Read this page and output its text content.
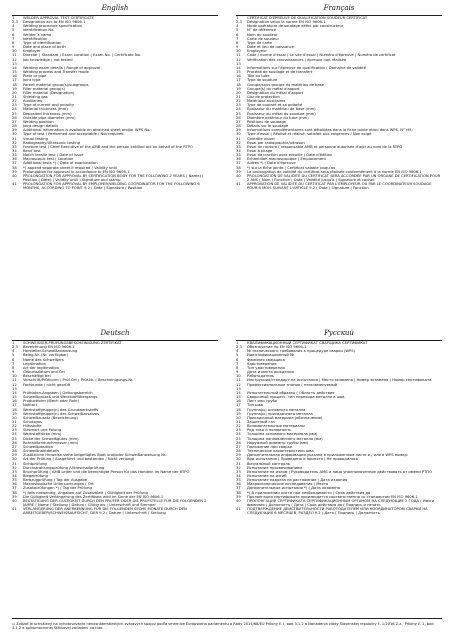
English
1	WELDER APPROVAL TEST CERTIFICATE
2,3	Designation acc.to EN ISO 9606-1
4	Welding procedure specification
5	Identification No.
6	Welder´s name
7	Identification
8	Type of identification
9	Date and place of birth
10	Employer
11	Director ( Standard ) Exam Location ( Exam No. ) Certificate No.
12	Job knowledge ( not tested
13
14	Welding exam details ( Range of approval
15	Welding process and Transfer mode
16	Plate or pipe
17	Joint type
18	Parent material group(s)/subgroups
19	Filler material group(s)
20	Filler material (Designation)
21	Shielding gas
22	Auxiliaries
23	Type of current and polarity
24	Material thickness (mm)
25	Deposited thickness (mm)
26	Outside pipe diameter (mm)
27	Welding position
28	Joint design details
29	Additional information is available on attached sheet and/or WPS No.:
30	Type of test ( Performed and acceptable / Not required
31	Visual testing
32	Radiography/Ultrasonic testing
33	Fracture test ( Chief Executive of the AMB and the person entitled act on behalf of the RTPO
34	Bend test
35	Notch tensile test ( Date of issue
36	Macroscopic test ( Location
37	Additional tests *) ( Date of examination
38	*) append separate sheet if required ( Validity until
39	Prolongation for approval in accordance to EN ISO 9606-1
40	PROLONGATION FOR APPROVAL BY CERTIFICATION BODY FOR THE FOLLOWING 2 YEARS ( Name) ( Position ( Date) ( Validity until ) Signature and stamp
41	PROLONGATION FOR APPROVAL BY EMPLOYER/WELDING COORDINATOR FOR THE FOLLOWING 6 MONTHS, ACCORDING TO POINT 9.2 ( Date ( Signature ( Position
Français
1	CERTIFICAT D'ÉPREUVE DE QUALIFICATION SOUDEUR CERTIFICAT
2,3	Désignation selon la norme EN ISO 9606-1
4	Mode opératoire de soudage défini par constructeur
5	N° de référence
6	Nom du soudeur
7	Carte de soudeur
8	Type de carte
9	Date et lieu de naissance
10	Employeur
11	Code / norme d'essai ( Le site d'essai ( Numéro d'épreuve ( Numéro de certificat
12	Vérification des connaissances ( épreuve non réalisée
13
14	Informations sur l'épreuve de qualification ( Domaine de validité
15	Procédé de soudage et de transfert
16	Tôle ou tube
17	Type de soudure
18	Groupe/sous-groupe du matériau de base
19	Groupe(s) du métal d'apport
20	Désignation du métal d'apport
21	Gaz de protection
22	Matériaux auxiliaires
23	Type de courant et sa polarité
24	Épaisseur du matériau de base (mm)
25	Épaisseur du métal du soudure (mm)
26	Diamètre extérieur du tube (mm)
27	Positions de soudage
28	Détails sur le soudage
29	Informations complémentaires sont détaillées dans la fiche jointe et/ou dans WPS, N° réf.:
30	Type d'essai ( Réalisé et réalisé, satisfait aux exigences / Non exigé
31	Contrôle visuel
32	Essai par radiographie/ultrason
33	Essai de rupture ( responsable AMB et personne autorisée d'agir au nom de la RTPO
34	Essai à pliage
35	Essai de traction avec entaille ( Date d'édition
36	Échantillon macroscopique ( Emplacement
37	Autres *) ( Date d'épreuve
38	*) sur la fiche jointe ( Certificat valable jusqu'au
39	La prolongation de validité du certificat sera réalisée conformément à la norme EN ISO 9606-1
40	PROLONGATION DE VALIDITÉ DU CERTIFICAT SERA ACCORDÉE PAR UN ORGANE DE CERTIFICATION POUR 2 ANS ( Nom ( Fonction ( Date ( Validité jusqu'à ( Signature et cachet
41	APPROBATION DE VALIDITÉ DU CERTIFICAT PAR L'EMPLOYEUR OU PAR LE COORDINATEUR SOUDAGE POUR 6 MOIS SUIVANT L'ARTICLE 9.2 ( Date ( Signature ( Fonction
Deutsch
1	SCHWEISSER-PRÜFUNGSBESCHEINIGUNG ZERTIFIKAT
2,3	Bezeichnung EN ISO 9606-1
4	Hersteller-Schweißanweisung
5	Beleg-Nr. (Nr. verfügbar)
6	Name des Schweißers
7	Legitimation
8	Art der legitimation
9	Geburtsdatum und Ort
10	Beschäftigt bei
11	Vorschrift/Prüfnorm ( Prüf-Ort ( Prüf-Nr. ( Bescheinigungs-Nr.
12	Fachkunde ( nicht geprüft
13
14	Prüfdaten-Angaben ( Geltungsbereich
15	Schweißprozeß und Werkstoffübergangs
16	Produktform (Blech oder Rohr)
17	Nahtart
18	Werkstoffgruppe(n) des Grundwerkstoffs
19	Werkstoffgruppe(n) des Schweißzusatzes
20	Schweißzusatz (Bezeichnung)
21	Schutzgas
22	Hilfsstoffe
23	Stromart und Polung
24	Werkstoffdicke (mm)
25	Dicke der Schweißgutes (mm)
26	Rohraußendurchmesser (mm)
27	Schweißposition
28	Schweißnahtdetails
29	Zusätzliche Hinweise siehe beigefügtes Blatt und/oder Schweißanweisung Nr.:
30	Art der Prüfung ( Ausgeführt und bestanden / Nicht verlangt
31	Sichtprüfung
32	Durchstrahlungsprüfung /Ultraschallprüfung
33	Bruchprüfung ( AMB Leiter und die berechtigte Person für das Handeln im Name der RTPO
34	Biegeprüfung
35	Kerbzugprüfung ( Tag der Ausgabe
36	Makroskopische Untersuchungen ( Ort
37	Zusatzprüfungen *) ( Tag der Prüfung
38	*) falls notwendig, Angaben auf Zusatzblatt ( Gültigkeit der Prüfung
39	Die Gültigkeit Verlängerung des Zertifikats wird im Sinne der EN ISO 9606-1
40	BESTÄTIGUNG DER GÜLTIGKEIT DURCH DEN PRÜFER ODER DIE PRÜFSTELLE FÜR DIE FOLGENDEN 2 JAHRE ( Name ( Stellung ( Datum ( Gültig bis ( Unterschrift und Stempel
41	VERLÄNGERUNG DER ANERKENNUNG FÜR DIE FOLGENDEN SECHS MONATE DURCH DEN ARBEITGEBER/SCHWEISSAUFSICHT, DER 9.2 ( Datum ( Unterschrift ( Stellung
Русский
1	КВАЛИФИКАЦИОННЫЙ СЕРТИФИКАТ СВАРЩИКА СЕРТИФИКАТ
2,3	Обозначение по EN ISO 9606-1
4	№ технического требования к процедуре сварки (WPS)
5	Идентификационный №
6	Фамилия сварщика
7	Удостоверение
8	Тип удостоверения
9	Дата и место рождения
10	Работодатель
11	Инструкция/стандарт на испытания ( Место экзамена ( Номер экзамена ( Номер сертификата
12	Профессиональные знания ( неэкзаменуемый
13
14	Испытательный образец ( Область действия
15	Сварочный процесс, тип перехода металла в шов
16	Лист или труба
17	Тип шва
18	Группа(ы) основного металла
19	Группа(ы) присадочного металла
20	Присадочный материал (обозначение)
21	Защитный газ
22	Вспомогательные материалы
23	Род тока и полярность
24	Толщина основного материала (мм)
25	Толщина наплавленного металла (мм)
26	Наружный диаметр трубы (мм)
27	Положение при сварке
28	Технические характеристики шва
29	Дополнительная информация указана в приложенном листе и / или в WPS номер:
30	Вид испытания ( Проведено и принято ( Не проводилось
31	Визуальный контроль
32	Испытание просвечиванием
33	Испытание на излом ( Руководитель АМБ и лицо уполномоченное действовать от имени РТПО
34	Испытание на изгиб
35	Испытание надреза на растяжение ( Дата издания
36	Макроскопические исследования ( Место
37	Дополнительные испытания *) ( Дата экзамена
38	*) В приложении листе при необходимости ( Срок действия до
39	Пролонгация сертификата производится соответственно со стандартом EN ISO 9606-1
40	ПРОЛОНГАЦИЯ СЕРТИФИКАТА СЕРТИФИКАЦИОННЫМ ОРГАНОМ НА СЛЕДУЮЩИЕ 2 ГОДА ( Имя и фамилия ( Должность ( Дата ( Срок действия до ( Подпись и печать
41	ПОДТВЕРЖДЕНИЕ ДЕЙСТВИТЕЛЬНОСТИ РАБОТОДАТЕЛЕМ ИЛИ КООРДИНАТОРОМ СВАРКИ НА СЛЕДУЮЩИХ 6 МЕСЯЦЕВ, РАЗДЕЛ 9.2 ( Дата ( Подпись ( Должность
$^{1)}$ Zväzať je schválený na vyhotovovanie nenosnbterstiektých zváravých spojov podľa smernice Európskeho parlamentu a Rady 2014/68/EÚ Prílohy č. I, bod 3.1.2 a Nariadenia vlády Slovenskej republiky č. 1/2016 Z.z., Prílohy č. 1, bod 3.1.2 a splnomocnenej štátnovej zariadení na túto
